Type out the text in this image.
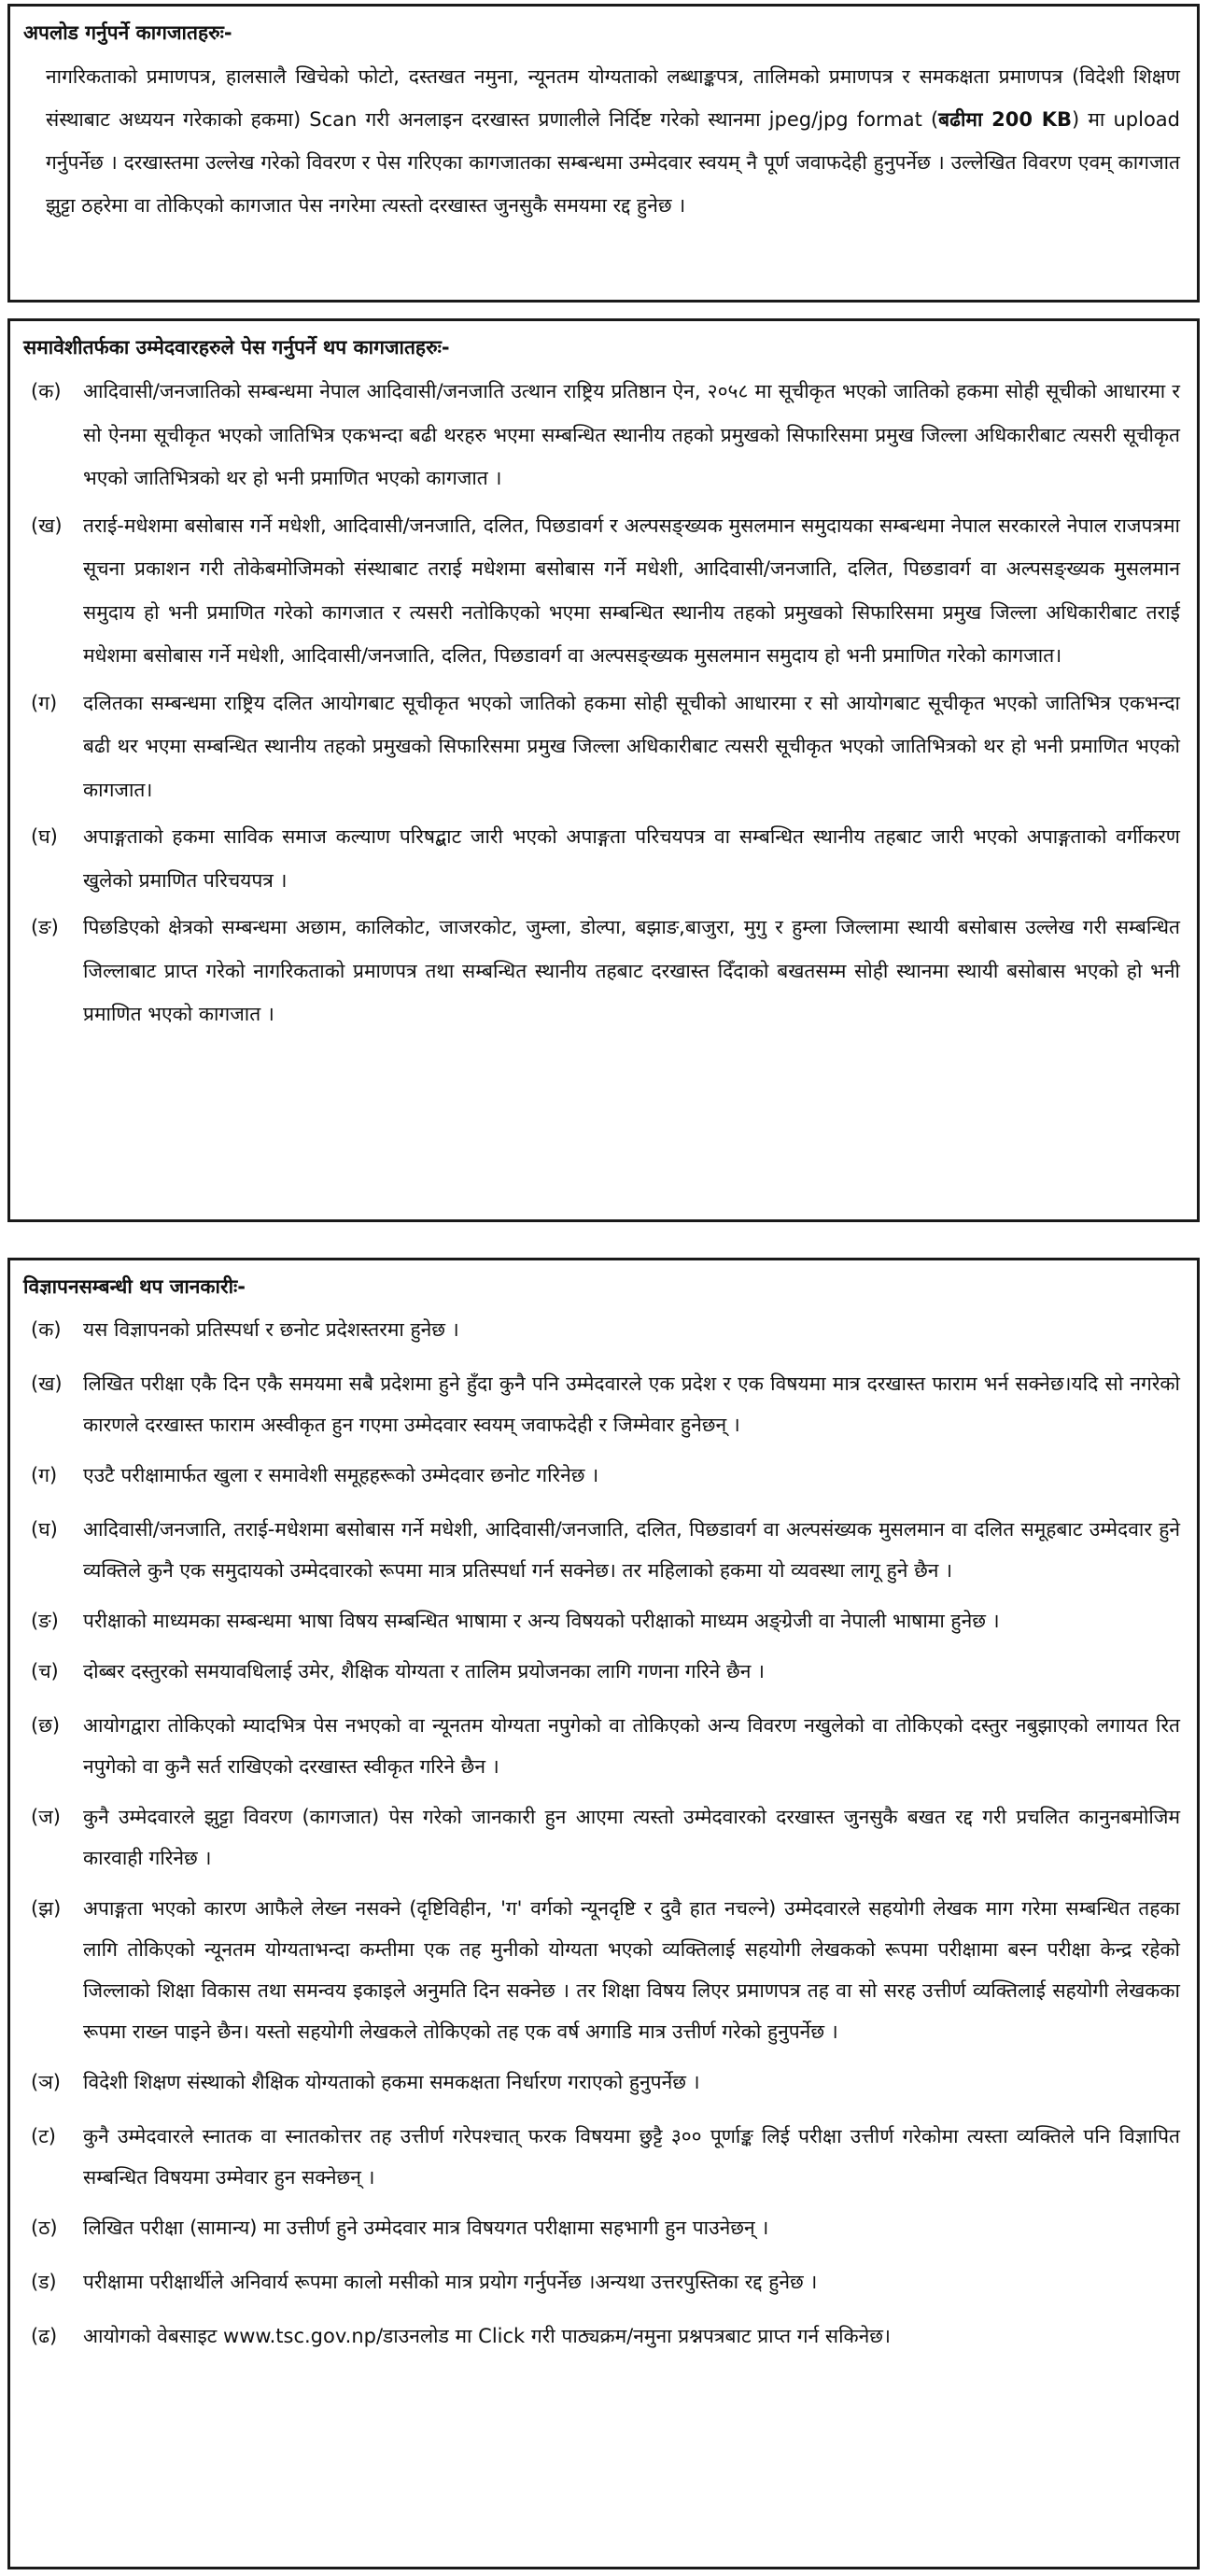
अपलोड गर्नुपर्ने कागजातहरुः-

नागरिकताको प्रमाणपत्र, हालसालै खिचेको फोटो, दस्तखत नमुना, न्यूनतम योग्यताको लब्धाङ्कपत्र, तालिमको प्रमाणपत्र र समकक्षता प्रमाणपत्र (विदेशी शिक्षण संस्थाबाट अध्ययन गरेकाको हकमा) Scan गरी अनलाइन दरखास्त प्रणालीले निर्दिष्ट गरेको स्थानमा jpeg/jpg format (बढीमा 200 KB) मा upload गर्नुपर्नेछ । दरखास्तमा उल्लेख गरेको विवरण र पेस गरिएका कागजातका सम्बन्धमा उम्मेदवार स्वयम् नै पूर्ण जवाफदेही हुनुपर्नेछ । उल्लेखित विवरण एवम् कागजात झुट्टा ठहरेमा वा तोकिएको कागजात पेस नगरेमा त्यस्तो दरखास्त जुनसुकै समयमा रद्द हुनेछ ।

समावेशीतर्फका उम्मेदवारहरुले पेस गर्नुपर्ने थप कागजातहरुः-
(क)	आदिवासी/जनजातिको सम्बन्धमा नेपाल आदिवासी/जनजाति उत्थान राष्ट्रिय प्रतिष्ठान ऐन, २०५८ मा सूचीकृत भएको जातिको हकमा सोही सूचीको आधारमा र सो ऐनमा सूचीकृत भएको जातिभित्र एकभन्दा बढी थरहरु भएमा सम्बन्धित स्थानीय तहको प्रमुखको सिफारिसमा प्रमुख जिल्ला अधिकारीबाट त्यसरी सूचीकृत भएको जातिभित्रको थर हो भनी प्रमाणित भएको कागजात ।
(ख)	तराई-मधेशमा बसोबास गर्ने मधेशी, आदिवासी/जनजाति, दलित, पिछडावर्ग र अल्पसङ्ख्यक मुसलमान समुदायका सम्बन्धमा नेपाल सरकारले नेपाल राजपत्रमा सूचना प्रकाशन गरी तोकेबमोजिमको संस्थाबाट तराई मधेशमा बसोबास गर्ने मधेशी, आदिवासी/जनजाति, दलित, पिछडावर्ग वा अल्पसङ्ख्यक मुसलमान समुदाय हो भनी प्रमाणित गरेको कागजात र त्यसरी नतोकिएको भएमा सम्बन्धित स्थानीय तहको प्रमुखको सिफारिसमा प्रमुख जिल्ला अधिकारीबाट तराई मधेशमा बसोबास गर्ने मधेशी, आदिवासी/जनजाति, दलित, पिछडावर्ग वा अल्पसङ्ख्यक मुसलमान समुदाय हो भनी प्रमाणित गरेको कागजात।
(ग)	दलितका सम्बन्धमा राष्ट्रिय दलित आयोगबाट सूचीकृत भएको जातिको हकमा सोही सूचीको आधारमा र सो आयोगबाट सूचीकृत भएको जातिभित्र एकभन्दा बढी थर भएमा सम्बन्धित स्थानीय तहको प्रमुखको सिफारिसमा प्रमुख जिल्ला अधिकारीबाट त्यसरी सूचीकृत भएको जातिभित्रको थर हो भनी प्रमाणित भएको कागजात।
(घ)	अपाङ्गताको हकमा साविक समाज कल्याण परिषद्बाट जारी भएको अपाङ्गता परिचयपत्र वा सम्बन्धित स्थानीय तहबाट जारी भएको अपाङ्गताको वर्गीकरण खुलेको प्रमाणित परिचयपत्र ।
(ङ)	पिछडिएको क्षेत्रको सम्बन्धमा अछाम, कालिकोट, जाजरकोट, जुम्ला, डोल्पा, बझाङ,बाजुरा, मुगु र हुम्ला जिल्लामा स्थायी बसोबास उल्लेख गरी सम्बन्धित जिल्लाबाट प्राप्त गरेको नागरिकताको प्रमाणपत्र तथा सम्बन्धित स्थानीय तहबाट दरखास्त दिँदाको बखतसम्म सोही स्थानमा स्थायी बसोबास भएको हो भनी प्रमाणित भएको कागजात ।
विज्ञापनसम्बन्धी थप जानकारीः-
(क)	यस विज्ञापनको प्रतिस्पर्धा र छनोट प्रदेशस्तरमा हुनेछ ।
(ख)	लिखित परीक्षा एकै दिन एकै समयमा सबै प्रदेशमा हुने हुँदा कुनै पनि उम्मेदवारले एक प्रदेश र एक विषयमा मात्र दरखास्त फाराम भर्न सक्नेछ।यदि सो नगरेको कारणले दरखास्त फाराम अस्वीकृत हुन गएमा उम्मेदवार स्वयम् जवाफदेही र जिम्मेवार हुनेछन् ।
(ग)	एउटै परीक्षामार्फत खुला र समावेशी समूहहरूको उम्मेदवार छनोट गरिनेछ ।
(घ)	आदिवासी/जनजाति, तराई-मधेशमा बसोबास गर्ने मधेशी, आदिवासी/जनजाति, दलित, पिछडावर्ग वा अल्पसंख्यक मुसलमान वा दलित समूहबाट उम्मेदवार हुने व्यक्तिले कुनै एक समुदायको उम्मेदवारको रूपमा मात्र प्रतिस्पर्धा गर्न सक्नेछ। तर महिलाको हकमा यो व्यवस्था लागू हुने छैन ।
(ङ)	परीक्षाको माध्यमका सम्बन्धमा भाषा विषय सम्बन्धित भाषामा र अन्य विषयको परीक्षाको माध्यम अङ्ग्रेजी वा नेपाली भाषामा हुनेछ ।
(च)	दोब्बर दस्तुरको समयावधिलाई उमेर, शैक्षिक योग्यता र तालिम प्रयोजनका लागि गणना गरिने छैन ।
(छ)	आयोगद्वारा तोकिएको म्यादभित्र पेस नभएको वा न्यूनतम योग्यता नपुगेको वा तोकिएको अन्य विवरण नखुलेको वा तोकिएको दस्तुर नबुझाएको लगायत रित नपुगेको वा कुनै सर्त राखिएको दरखास्त स्वीकृत गरिने छैन ।
(ज)	कुनै उम्मेदवारले झुट्टा विवरण (कागजात) पेस गरेको जानकारी हुन आएमा त्यस्तो उम्मेदवारको दरखास्त जुनसुकै बखत रद्द गरी प्रचलित कानुनबमोजिम कारवाही गरिनेछ ।
(झ)	अपाङ्गता भएको कारण आफैले लेख्न नसक्ने (दृष्टिविहीन, 'ग' वर्गको न्यूनदृष्टि र दुवै हात नचल्ने) उम्मेदवारले सहयोगी लेखक माग गरेमा सम्बन्धित तहका लागि तोकिएको न्यूनतम योग्यताभन्दा कम्तीमा एक तह मुनीको योग्यता भएको व्यक्तिलाई सहयोगी लेखकको रूपमा परीक्षामा बस्न परीक्षा केन्द्र रहेको जिल्लाको शिक्षा विकास तथा समन्वय इकाइले अनुमति दिन सक्नेछ । तर शिक्षा विषय लिएर प्रमाणपत्र तह वा सो सरह उत्तीर्ण व्यक्तिलाई सहयोगी लेखकका रूपमा राख्न पाइने छैन। यस्तो सहयोगी लेखकले तोकिएको तह एक वर्ष अगाडि मात्र उत्तीर्ण गरेको हुनुपर्नेछ ।
(ञ)	विदेशी शिक्षण संस्थाको शैक्षिक योग्यताको हकमा समकक्षता निर्धारण गराएको हुनुपर्नेछ ।
(ट)	कुनै उम्मेदवारले स्नातक वा स्नातकोत्तर तह उत्तीर्ण गरेपश्चात् फरक विषयमा छुट्टै ३०० पूर्णाङ्क लिई परीक्षा उत्तीर्ण गरेकोमा त्यस्ता व्यक्तिले पनि विज्ञापित सम्बन्धित विषयमा उम्मेवार हुन सक्नेछन् ।
(ठ)	लिखित परीक्षा (सामान्य) मा उत्तीर्ण हुने उम्मेदवार मात्र विषयगत परीक्षामा सहभागी हुन पाउनेछन् ।
(ड)	परीक्षामा परीक्षार्थीले अनिवार्य रूपमा कालो मसीको मात्र प्रयोग गर्नुपर्नेछ ।अन्यथा उत्तरपुस्तिका रद्द हुनेछ ।
(ढ)	आयोगको वेबसाइट www.tsc.gov.np/डाउनलोड मा Click गरी पाठ्यक्रम/नमुना प्रश्नपत्रबाट प्राप्त गर्न सकिनेछ।
